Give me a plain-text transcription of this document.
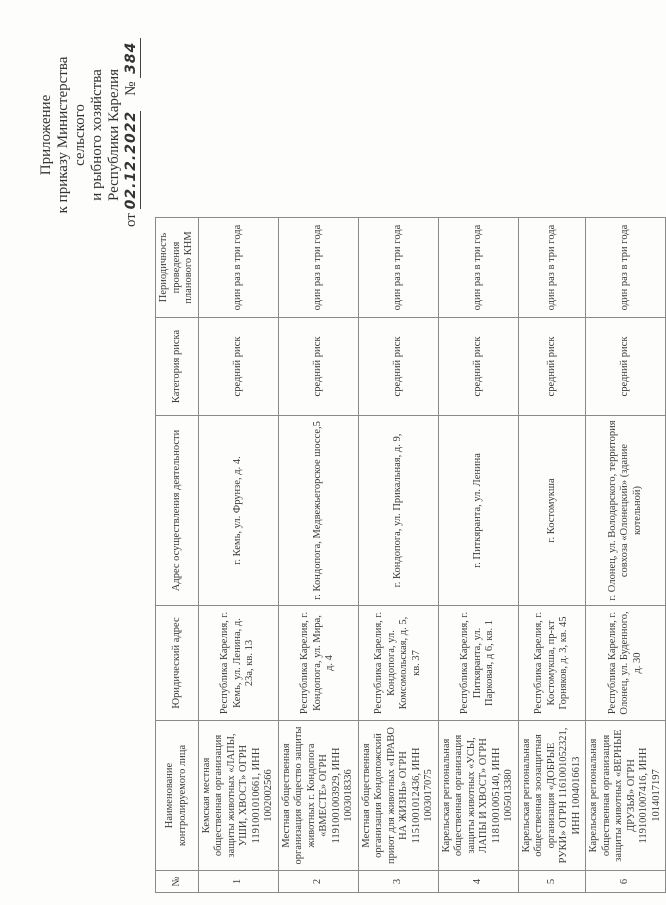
Приложение к приказу Министерства сельского и рыбного хозяйства Республики Карелия
от 02.12.2022    № 384
№	Наименование контролируемого лица	Юридический адрес	Адрес осуществления деятельности	Категория риска	Периодичность проведения планового КНМ
1	Кемская местная общественная организация защиты животных «ЛАПЫ, УШИ, ХВОСТ» ОГРН 1191001010661, ИНН 1002002566	Республика Карелия, г. Кемь, ул. Ленина, д. 23а, кв. 13	г. Кемь, ул. Фрунзе, д. 4.	средний риск	один раз в три года
2	Местная общественная организация общество защиты животных г. Кондопога «ВМЕСТЕ» ОГРН 1191001003929, ИНН 1003018336	Республика Карелия, г. Кондопога, ул. Мира, д. 4	г. Кондопога, Медвежьегорское шоссе,5	средний риск	один раз в три года
3	Местная общественная организация Кондопожский приют для животных «ПРАВО НА ЖИЗНЬ» ОГРН 1151001012436, ИНН 1003017075	Республика Карелия, г. Кондопога, ул. Комсомольская, д. 5, кв. 37	г. Кондопога, ул. Прикальная, д. 9,	средний риск	один раз в три года
4	Карельская региональная общественная организация защиты животных «УСЫ, ЛАПЫ И ХВОСТ» ОГРН 1181001005140, ИНН 1005013380	Республика Карелия, г. Питкяранта, ул. Парковая, д 6, кв. 1	г. Питкяранта, ул. Ленина	средний риск	один раз в три года
5	Карельская региональная общественная зоозащитная организация «ДОБРЫЕ РУКИ» ОГРН 1161001052321, ИНН 1004016613	Республика Карелия, г. Костомукша, пр-кт Горняков, д. 3, кв. 45	г. Костомукша	средний риск	один раз в три года
6	Карельская региональная общественная организация защиты животных «ВЕРНЫЕ ДРУЗЬЯ» ОГРН 1191001007416, ИНН 1014017197	Республика Карелия, г. Олонец, ул. Буденного, д. 30	г. Олонец, ул. Володарского, территория совхоза «Олонецкий» (здание котельной)	средний риск	один раз в три года
